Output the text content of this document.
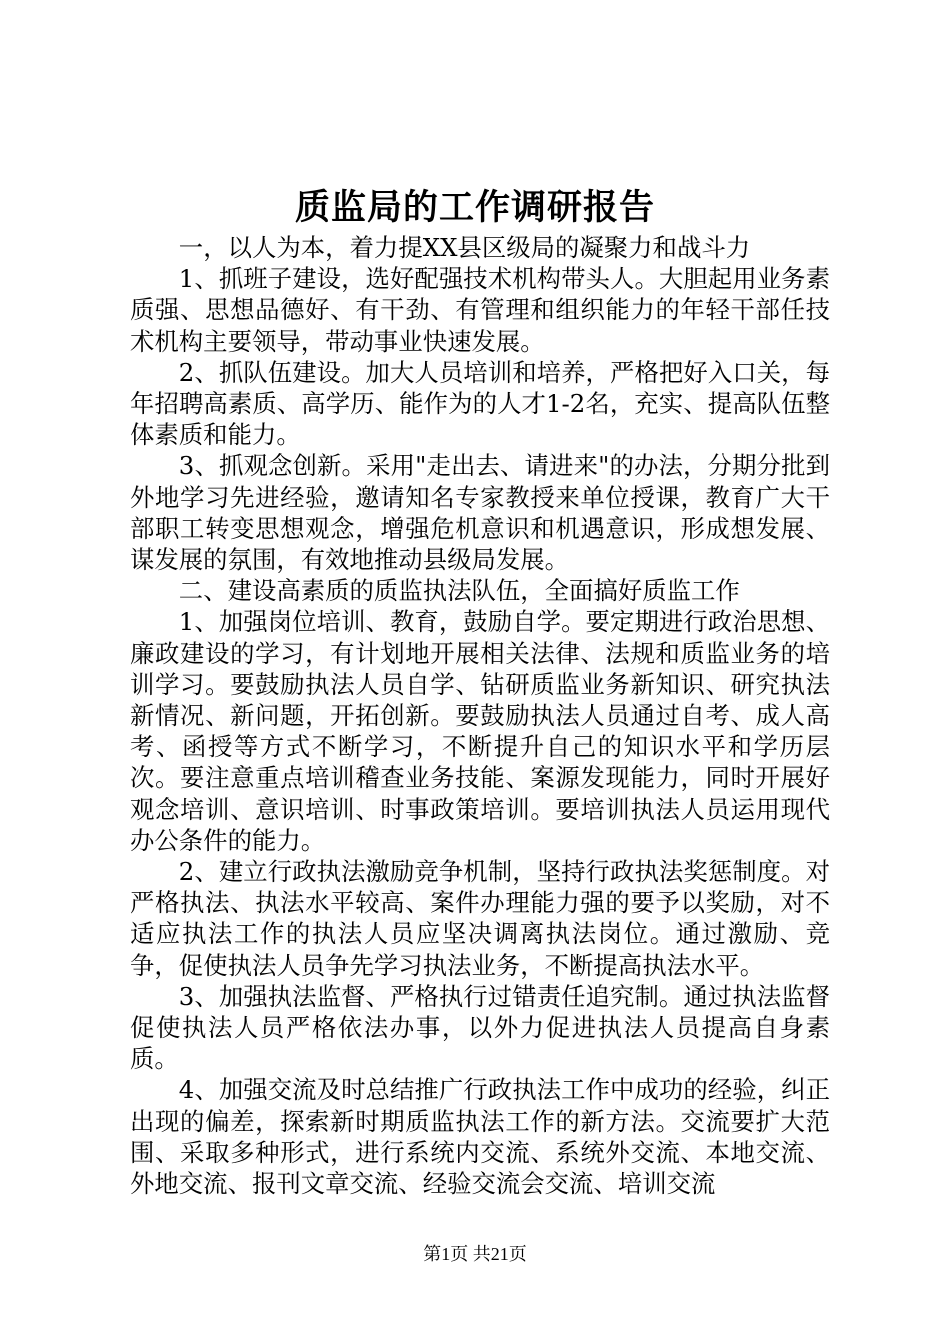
质监局的工作调研报告

一，以人为本，着力提XX县区级局的凝聚力和战斗力

1、抓班子建设，选好配强技术机构带头人。大胆起用业务素质强、思想品德好、有干劲、有管理和组织能力的年轻干部任技术机构主要领导，带动事业快速发展。

2、抓队伍建设。加大人员培训和培养，严格把好入口关，每年招聘高素质、高学历、能作为的人才1-2名，充实、提高队伍整体素质和能力。

3、抓观念创新。采用"走出去、请进来"的办法，分期分批到外地学习先进经验，邀请知名专家教授来单位授课，教育广大干部职工转变思想观念，增强危机意识和机遇意识，形成想发展、谋发展的氛围，有效地推动县级局发展。

二、建设高素质的质监执法队伍，全面搞好质监工作

1、加强岗位培训、教育，鼓励自学。要定期进行政治思想、廉政建设的学习，有计划地开展相关法律、法规和质监业务的培训学习。要鼓励执法人员自学、钻研质监业务新知识、研究执法新情况、新问题，开拓创新。要鼓励执法人员通过自考、成人高考、函授等方式不断学习，不断提升自己的知识水平和学历层次。要注意重点培训稽查业务技能、案源发现能力，同时开展好观念培训、意识培训、时事政策培训。要培训执法人员运用现代办公条件的能力。

2、建立行政执法激励竞争机制，坚持行政执法奖惩制度。对严格执法、执法水平较高、案件办理能力强的要予以奖励，对不适应执法工作的执法人员应坚决调离执法岗位。通过激励、竞争，促使执法人员争先学习执法业务，不断提高执法水平。

3、加强执法监督、严格执行过错责任追究制。通过执法监督促使执法人员严格依法办事，以外力促进执法人员提高自身素质。

4、加强交流及时总结推广行政执法工作中成功的经验，纠正出现的偏差，探索新时期质监执法工作的新方法。交流要扩大范围、采取多种形式，进行系统内交流、系统外交流、本地交流、外地交流、报刊文章交流、经验交流会交流、培训交流

第1页 共21页
